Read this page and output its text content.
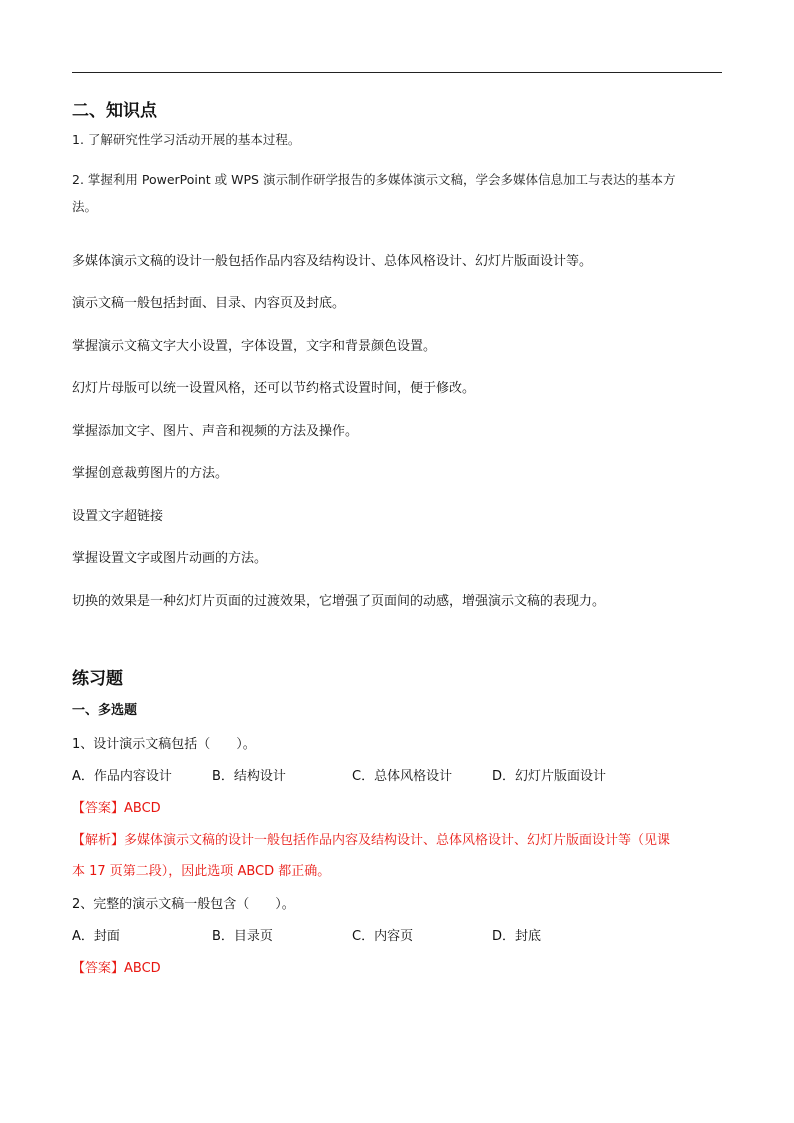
二、知识点
1. 了解研究性学习活动开展的基本过程。
2. 掌握利用 PowerPoint 或 WPS 演示制作研学报告的多媒体演示文稿，学会多媒体信息加工与表达的基本方
法。
多媒体演示文稿的设计一般包括作品内容及结构设计、总体风格设计、幻灯片版面设计等。
演示文稿一般包括封面、目录、内容页及封底。
掌握演示文稿文字大小设置，字体设置，文字和背景颜色设置。
幻灯片母版可以统一设置风格，还可以节约格式设置时间，便于修改。
掌握添加文字、图片、声音和视频的方法及操作。
掌握创意裁剪图片的方法。
设置文字超链接
掌握设置文字或图片动画的方法。
切换的效果是一种幻灯片页面的过渡效果，它增强了页面间的动感，增强演示文稿的表现力。
练习题
一、多选题
1、设计演示文稿包括（　　）。
A．作品内容设计	B．结构设计	C．总体风格设计	D．幻灯片版面设计
【答案】ABCD
【解析】多媒体演示文稿的设计一般包括作品内容及结构设计、总体风格设计、幻灯片版面设计等（见课
本 17 页第二段），因此选项 ABCD 都正确。
2、完整的演示文稿一般包含（　　）。
A．封面	B．目录页	C．内容页	D．封底
【答案】ABCD
